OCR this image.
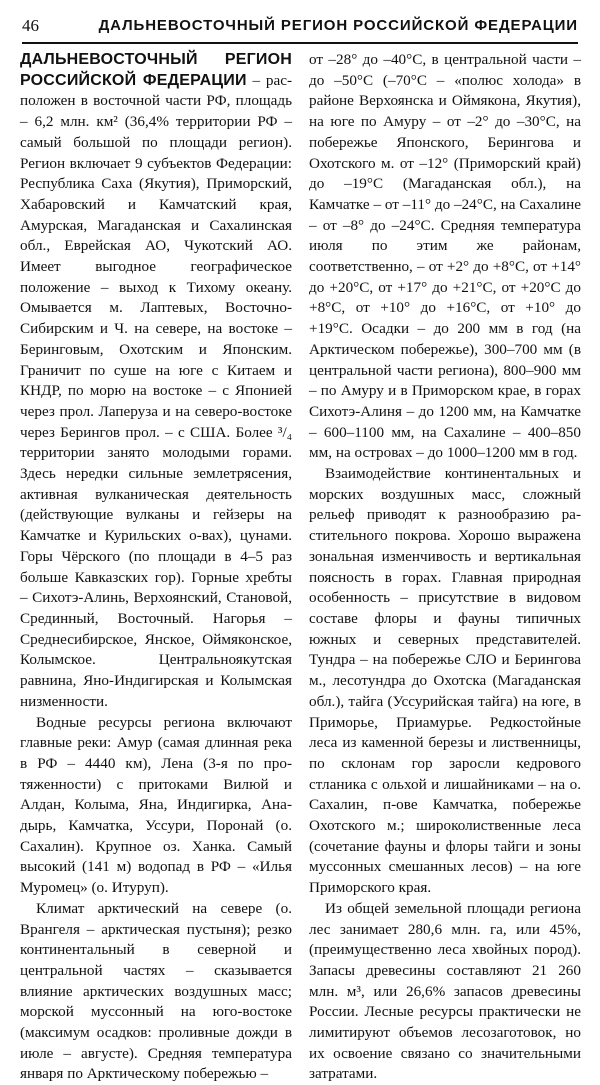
46	ДАЛЬНЕВОСТОЧНЫЙ РЕГИОН РОССИЙСКОЙ ФЕДЕРАЦИИ

ДАЛЬНЕВОСТОЧНЫЙ РЕГИОН РОССИЙСКОЙ ФЕДЕРАЦИИ – расположен в восточной части РФ, площадь – 6,2 млн. км² (36,4% территории РФ – самый большой по площади регион). Регион включает 9 субъектов Федерации: Республика Саха (Якутия), Приморский, Хабаровский и Камчатский края, Амурская, Магаданская и Сахалинская обл., Еврейская АО, Чукотский АО. Имеет выгодное географическое положение – выход к Тихому океану. Омывается м. Лаптевых, Восточно-Сибирским и Ч. на севере, на востоке – Беринговым, Охотским и Японским. Граничит по суше на юге с Китаем и КНДР, по морю на востоке – с Японией через прол. Лаперуза и на северо-востоке через Берингов прол. – с США. Более ³/₄ территории занято молодыми горами. Здесь нередки сильные землетрясения, активная вулканическая деятельность (действующие вулканы и гейзеры на Камчатке и Курильских о-вах), цунами. Горы Чёрского (по площади в 4–5 раз больше Кавказских гор). Горные хребты – Сихотэ-Алинь, Верхоянский, Становой, Срединный, Восточный. Нагорья – Среднесибирское, Янское, Оймяконское, Колымское. Центральноякутская равнина, Яно-Индигирская и Колымская низменности.

Водные ресурсы региона включают главные реки: Амур (самая длинная река в РФ – 4440 км), Лена (3-я по протяженности) с притоками Вилюй и Алдан, Колыма, Яна, Индигирка, Анадырь, Камчатка, Уссури, Поронай (о. Сахалин). Крупное оз. Ханка. Самый высокий (141 м) водопад в РФ – «Илья Муромец» (о. Итуруп).

Климат арктический на севере (о. Врангеля – арктическая пустыня); резко континентальный в северной и центральной частях – сказывается влияние арктических воздушных масс; морской муссонный на юго-востоке (максимум осадков: проливные дожди в июле – августе). Средняя температура января по Арктическому побережью –

от –28° до –40°С, в центральной части – до –50°С (–70°С – «полюс холода» в районе Верхоянска и Оймякона, Якутия), на юге по Амуру – от –2° до –30°С, на побережье Японского, Берингова и Охотского м. от –12° (Приморский край) до –19°С (Магаданская обл.), на Камчатке – от –11° до –24°С, на Сахалине – от –8° до –24°С. Средняя температура июля по этим же районам, соответственно, – от +2° до +8°С, от +14° до +20°С, от +17° до +21°С, от +20°С до +8°С, от +10° до +16°С, от +10° до +19°С. Осадки – до 200 мм в год (на Арктическом побережье), 300–700 мм (в центральной части региона), 800–900 мм – по Амуру и в Приморском крае, в горах Сихотэ-Алиня – до 1200 мм, на Камчатке – 600–1100 мм, на Сахалине – 400–850 мм, на островах – до 1000–1200 мм в год.

Взаимодействие континентальных и морских воздушных масс, сложный рельеф приводят к разнообразию растительного покрова. Хорошо выражена зональная изменчивость и вертикальная поясность в горах. Главная природная особенность – присутствие в видовом составе флоры и фауны типичных южных и северных представителей. Тундра – на побережье СЛО и Берингова м., лесотундра до Охотска (Магаданская обл.), тайга (Уссурийская тайга) на юге, в Приморье, Приамурье. Редкостойные леса из каменной березы и лиственницы, по склонам гор заросли кедрового стланика с ольхой и лишайниками – на о. Сахалин, п-ове Камчатка, побережье Охотского м.; широколиственные леса (сочетание фауны и флоры тайги и зоны муссонных смешанных лесов) – на юге Приморского края.

Из общей земельной площади региона лес занимает 280,6 млн. га, или 45%, (преимущественно леса хвойных пород). Запасы древесины составляют 21 260 млн. м³, или 26,6% запасов древесины России. Лесные ресурсы практически не лимитируют объемов лесозаготовок, но их освоение связано со значительными затратами.
